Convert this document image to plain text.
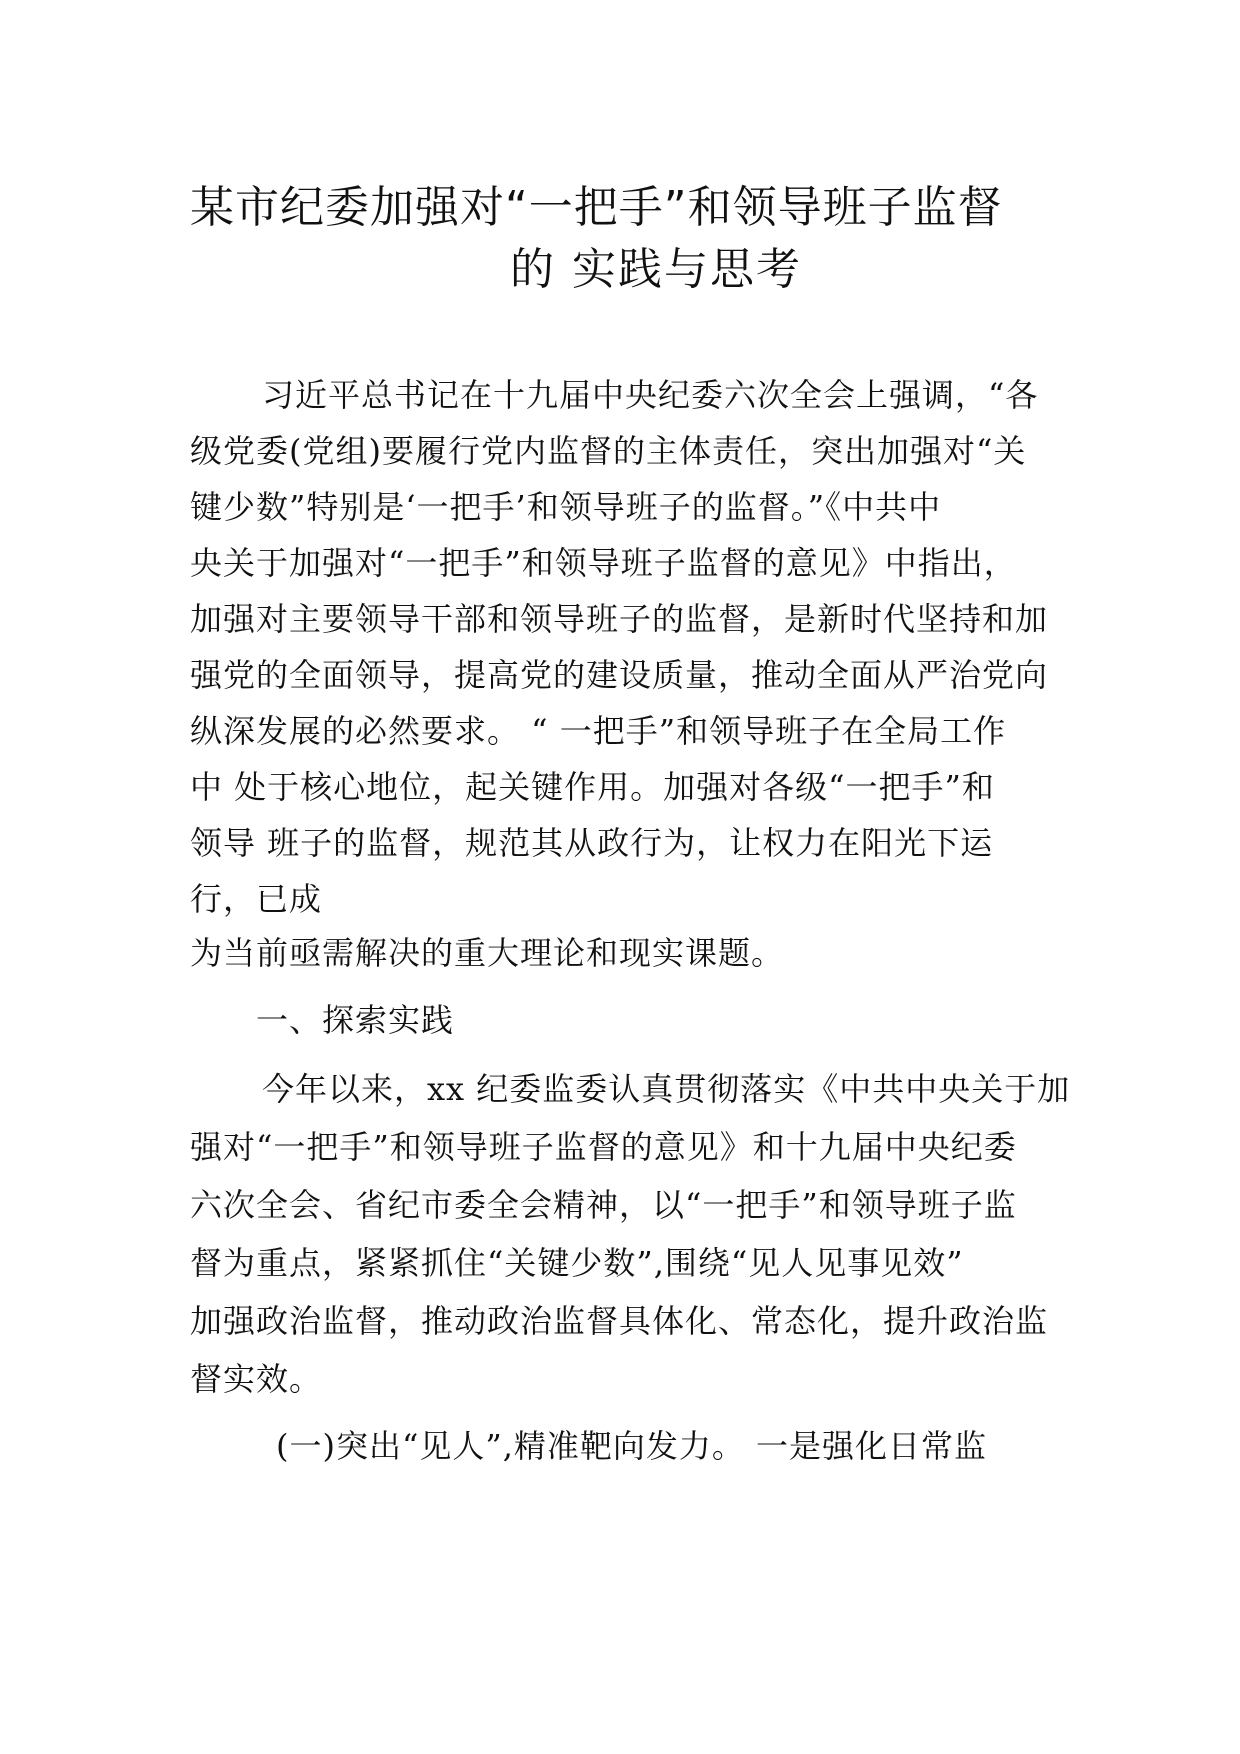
某市纪委加强对“一把手”和领导班子监督
的 实践与思考
习近平总书记在十九届中央纪委六次全会上强调，“各
级党委(党组)要履行党内监督的主体责任，突出加强对“关
键少数”特别是‘一把手’和领导班子的监督。”《中共中
央关于加强对“一把手”和领导班子监督的意见》中指出，
加强对主要领导干部和领导班子的监督，是新时代坚持和加
强党的全面领导，提高党的建设质量，推动全面从严治党向
纵深发展的必然要求。 “ 一把手”和领导班子在全局工作
中 处于核心地位，起关键作用。加强对各级“一把手”和
领导 班子的监督，规范其从政行为，让权力在阳光下运
行，已成
为当前亟需解决的重大理论和现实课题。
一、探索实践
今年以来，xx 纪委监委认真贯彻落实《中共中央关于加
强对“一把手”和领导班子监督的意见》和十九届中央纪委
六次全会、省纪市委全会精神，以“一把手”和领导班子监
督为重点，紧紧抓住“关键少数”,围绕“见人见事见效”
加强政治监督，推动政治监督具体化、常态化，提升政治监
督实效。
(一)突出“见人”,精准靶向发力。 一是强化日常监
